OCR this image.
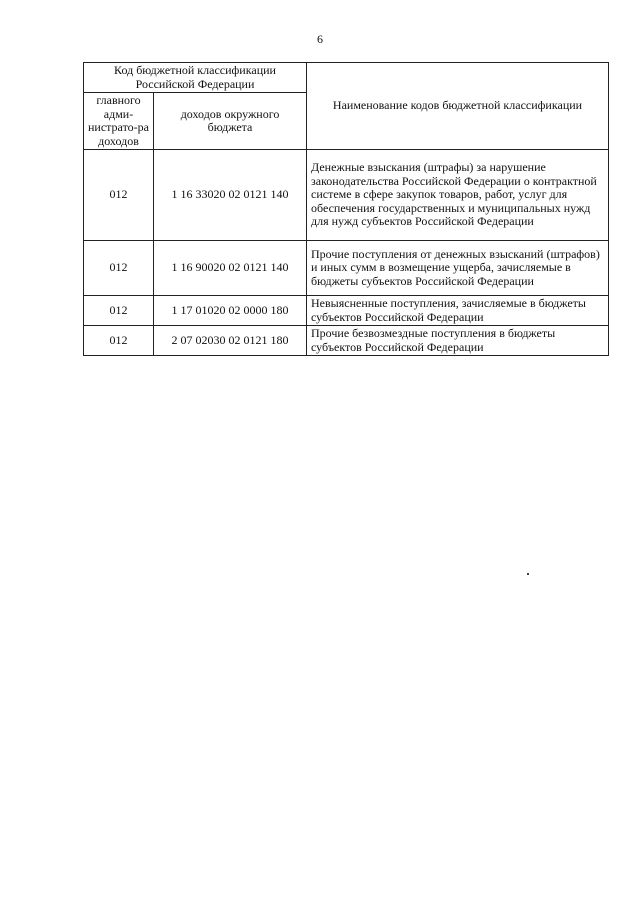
6
Код бюджетной классификации Российской Федерации		Наименование кодов бюджетной классификации
главного адми-нистрато-ра доходов	доходов окружного бюджета	
012	1 16 33020 02 0121 140	Денежные взыскания (штрафы) за нарушение законодательства Российской Федерации о контрактной системе в сфере закупок товаров, работ, услуг для обеспечения государственных и муниципальных нужд для нужд субъектов Российской Федерации
012	1 16 90020 02 0121 140	Прочие поступления от денежных взысканий (штрафов) и иных сумм в возмещение ущерба, зачисляемые в бюджеты субъектов Российской Федерации
012	1 17 01020 02 0000 180	Невыясненные поступления, зачисляемые в бюджеты субъектов Российской Федерации
012	2 07 02030 02 0121 180	Прочие безвозмездные поступления в бюджеты субъектов Российской Федерации
